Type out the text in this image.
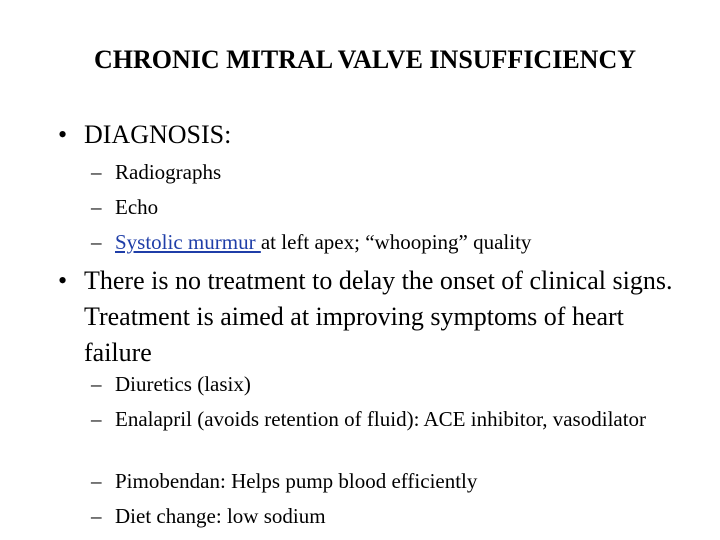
CHRONIC MITRAL VALVE INSUFFICIENCY
• DIAGNOSIS:
– Radiographs
– Echo
– Systolic murmur at left apex; “whooping” quality
• There is no treatment to delay the onset of clinical signs. Treatment is aimed at improving symptoms of heart failure
– Diuretics (lasix)
– Enalapril (avoids retention of fluid): ACE inhibitor, vasodilator
– Pimobendan: Helps pump blood efficiently
– Diet change: low sodium
